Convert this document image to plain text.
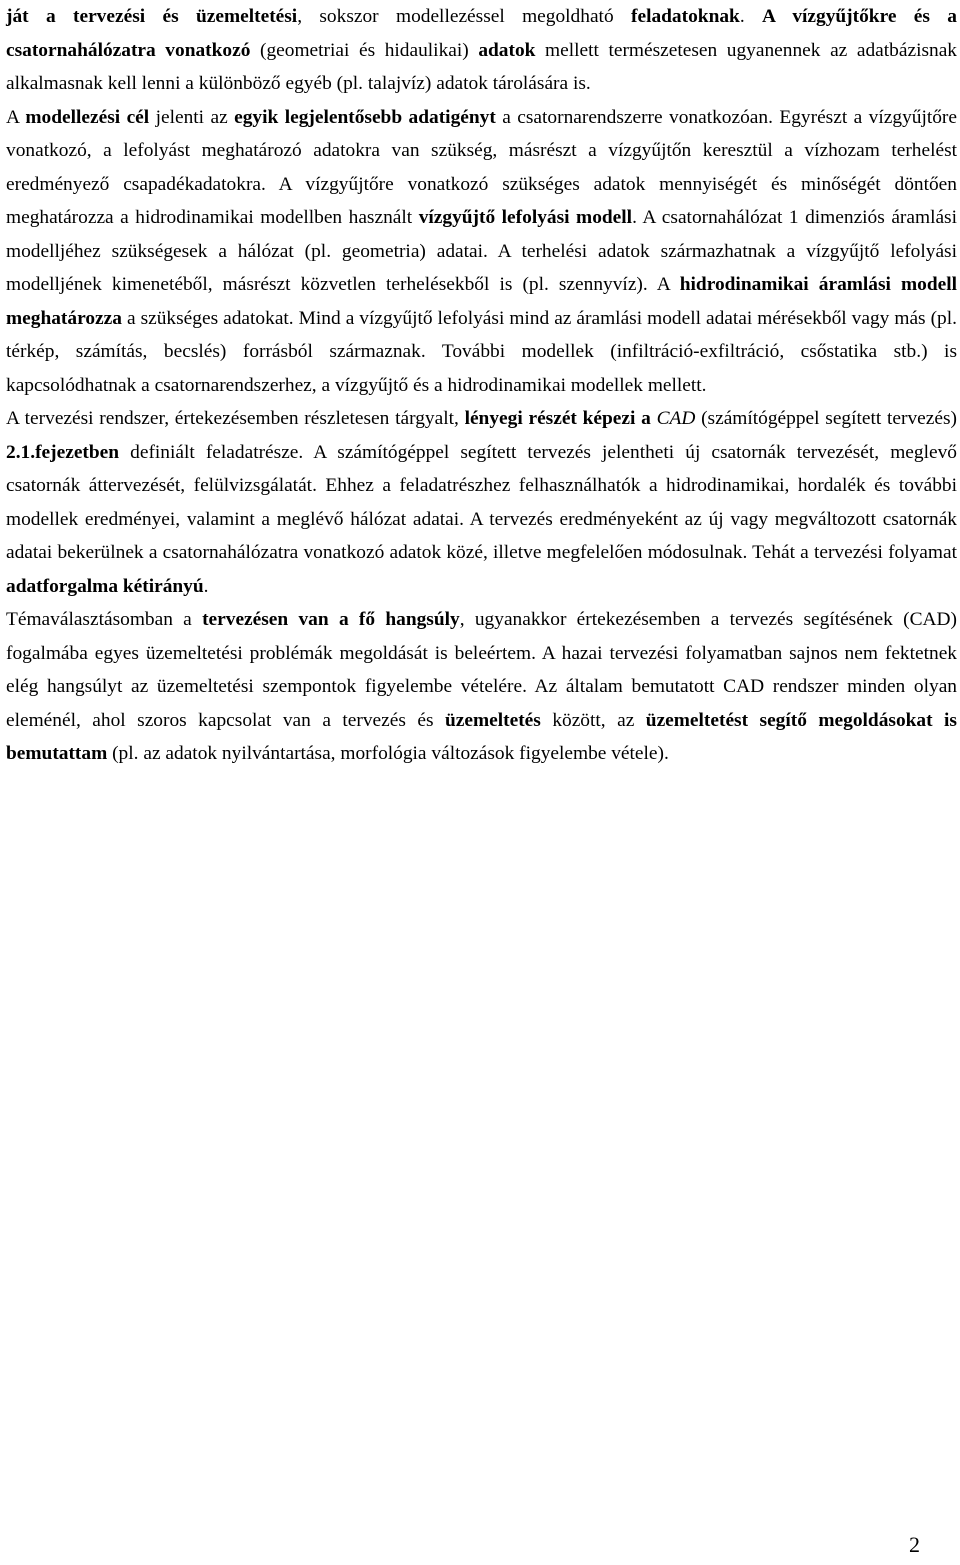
ját a tervezési és üzemeltetési, sokszor modellezéssel megoldható feladatoknak. A vízgyűjtőkre és a csatornahálózatra vonatkozó (geometriai és hidaulikai) adatok mellett természetesen ugyanennek az adatbázisnak alkalmasnak kell lenni a különböző egyéb (pl. talajvíz) adatok tárolására is.

A modellezési cél jelenti az egyik legjelentősebb adatigényt a csatornarendszerre vonatkozóan. Egyrészt a vízgyűjtőre vonatkozó, a lefolyást meghatározó adatokra van szükség, másrészt a vízgyűjtőn keresztül a vízhozam terhelést eredményező csapadékadatokra. A vízgyűjtőre vonatkozó szükséges adatok mennyiségét és minőségét döntően meghatározza a hidrodinamikai modellben használt vízgyűjtő lefolyási modell. A csatornahálózat 1 dimenziós áramlási modelljéhez szükségesek a hálózat (pl. geometria) adatai. A terhelési adatok származhatnak a vízgyűjtő lefolyási modelljének kimenetéből, másrészt közvetlen terhelésekből is (pl. szennyvíz). A hidrodinamikai áramlási modell meghatározza a szükséges adatokat. Mind a vízgyűjtő lefolyási mind az áramlási modell adatai mérésekből vagy más (pl. térkép, számítás, becslés) forrásból származnak. További modellek (infiltráció-exfiltráció, csőstatika stb.) is kapcsolódhatnak a csatornarendszerhez, a vízgyűjtő és a hidrodinamikai modellek mellett.

A tervezési rendszer, értekezésemben részletesen tárgyalt, lényegi részét képezi a CAD (számítógéppel segített tervezés) 2.1.fejezetben definiált feladatrésze. A számítógéppel segített tervezés jelentheti új csatornák tervezését, meglevő csatornák áttervezését, felülvizsgálatát. Ehhez a feladatrészhez felhasználhatók a hidrodinamikai, hordalék és további modellek eredményei, valamint a meglévő hálózat adatai. A tervezés eredményeként az új vagy megváltozott csatornák adatai bekerülnek a csatornahálózatra vonatkozó adatok közé, illetve megfelelően módosulnak. Tehát a tervezési folyamat adatforgalma kétirányú.

Témaválasztásomban a tervezésen van a fő hangsúly, ugyanakkor értekezésemben a tervezés segítésének (CAD) fogalmába egyes üzemeltetési problémák megoldását is beleértem. A hazai tervezési folyamatban sajnos nem fektetnek elég hangsúlyt az üzemeltetési szempontok figyelembe vételére. Az általam bemutatott CAD rendszer minden olyan eleménél, ahol szoros kapcsolat van a tervezés és üzemeltetés között, az üzemeltetést segítő megoldásokat is bemutattam (pl. az adatok nyilvántartása, morfológia változások figyelembe vétele).

2
